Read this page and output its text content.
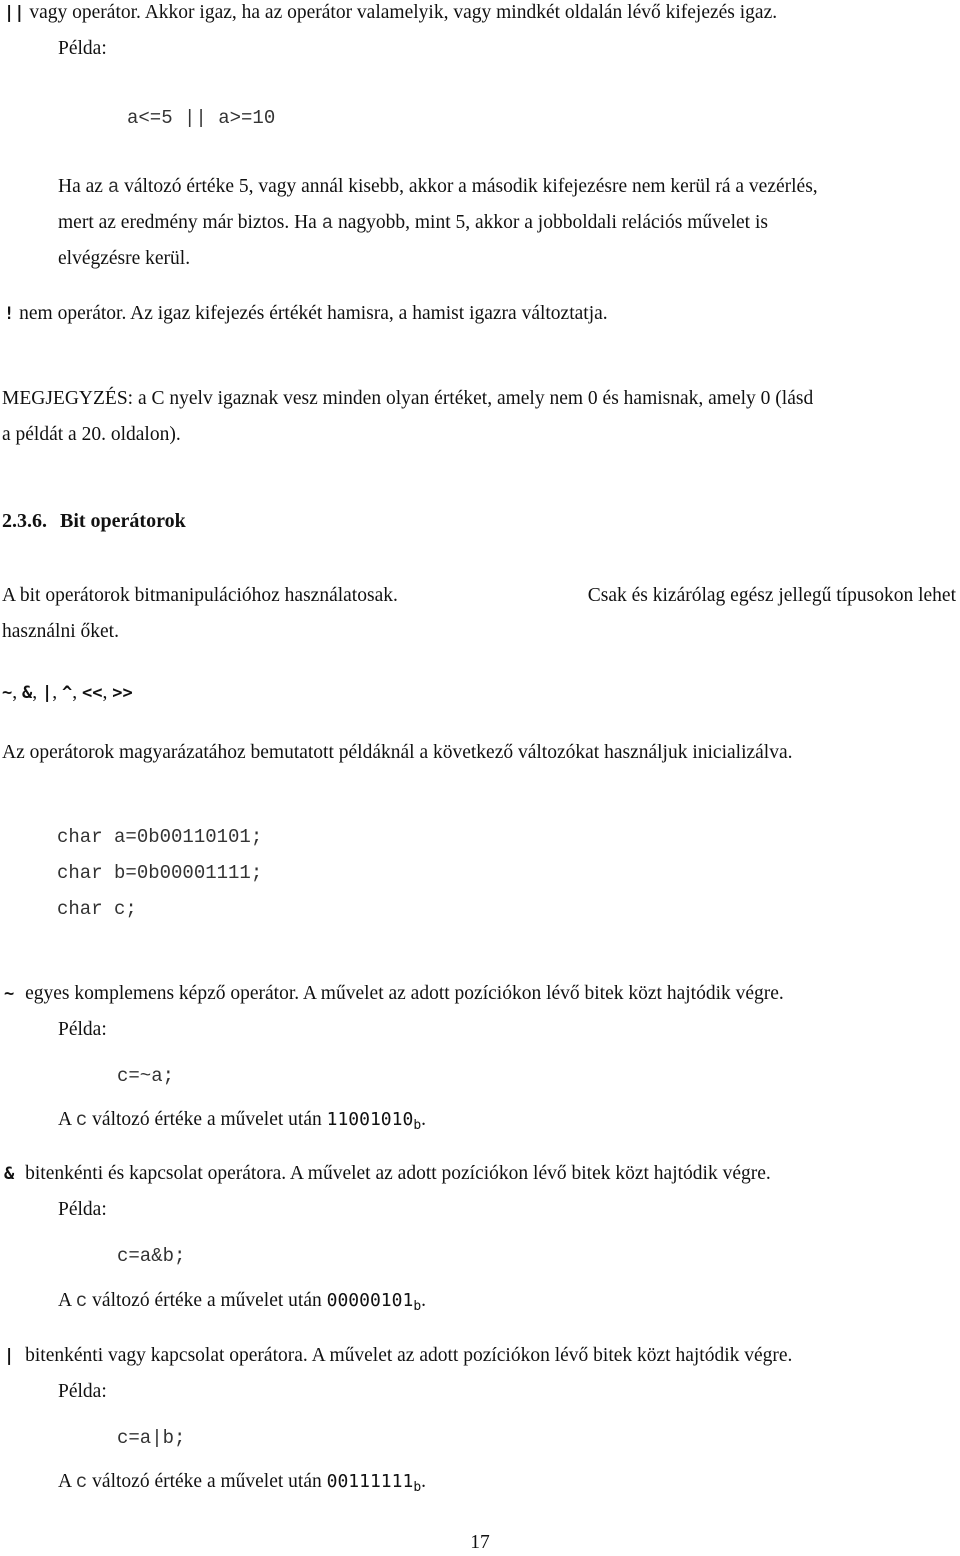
|| vagy operátor. Akkor igaz, ha az operátor valamelyik, vagy mindkét oldalán lévő kifejezés igaz.
Példa:
a<=5 || a>=10
Ha az a változó értéke 5, vagy annál kisebb, akkor a második kifejezésre nem kerül rá a vezérlés,
mert az eredmény már biztos. Ha a nagyobb, mint 5, akkor a jobboldali relációs művelet is
elvégzésre kerül.
! nem operátor. Az igaz kifejezés értékét hamisra, a hamist igazra változtatja.
MEGJEGYZÉS: a C nyelv igaznak vesz minden olyan értéket, amely nem 0 és hamisnak, amely 0 (lásd
a példát a 20. oldalon).
2.3.6. Bit operátorok
A bit operátorok bitmanipulációhoz használatosak.	Csak és kizárólag egész jellegű típusokon lehet
használni őket.
~, &, |, ^, <<, >>
Az operátorok magyarázatához bemutatott példáknál a következő változókat használjuk inicializálva.
char a=0b00110101;
char b=0b00001111;
char c;
~ egyes komplemens képző operátor. A művelet az adott pozíciókon lévő bitek közt hajtódik végre.
Példa:
c=~a;
A c változó értéke a művelet után $11001010_b$.
& bitenkénti és kapcsolat operátora. A művelet az adott pozíciókon lévő bitek közt hajtódik végre.
Példa:
c=a&b;
A c változó értéke a művelet után $00000101_b$.
| bitenkénti vagy kapcsolat operátora. A művelet az adott pozíciókon lévő bitek közt hajtódik végre.
Példa:
c=a|b;
A c változó értéke a művelet után $00111111_b$.
17
